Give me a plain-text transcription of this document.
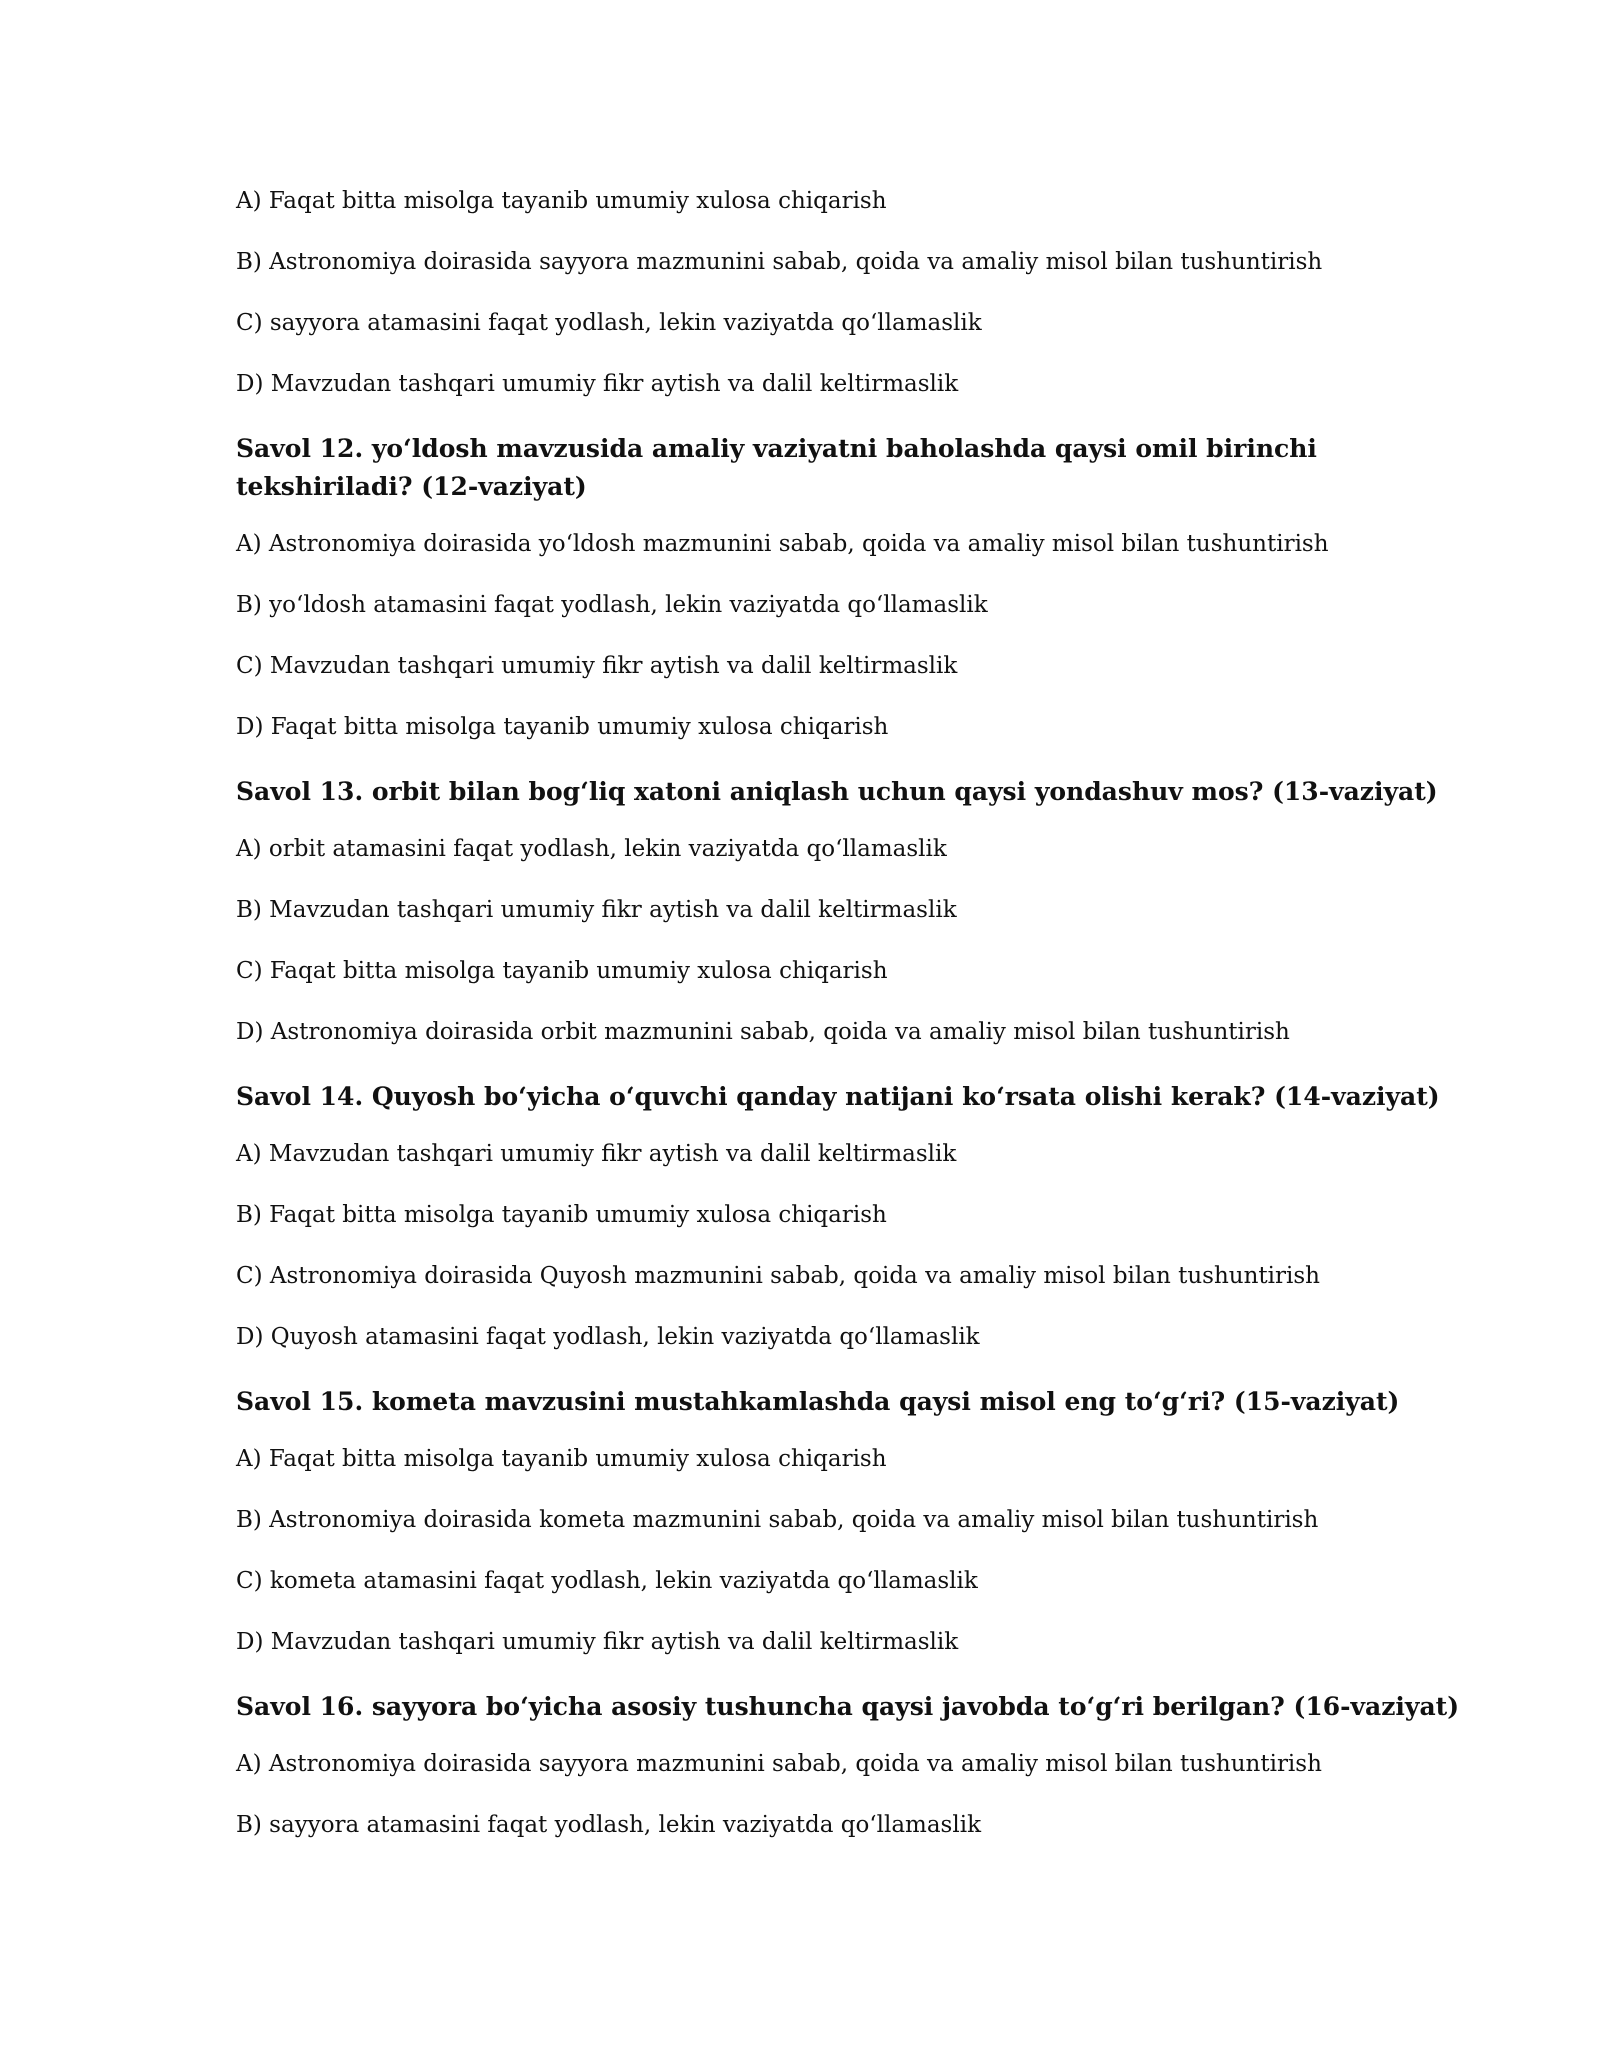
A) Faqat bitta misolga tayanib umumiy xulosa chiqarish

B) Astronomiya doirasida sayyora mazmunini sabab, qoida va amaliy misol bilan tushuntirish

C) sayyora atamasini faqat yodlash, lekin vaziyatda qo‘llamaslik

D) Mavzudan tashqari umumiy fikr aytish va dalil keltirmaslik

Savol 12. yo‘ldosh mavzusida amaliy vaziyatni baholashda qaysi omil birinchi tekshiriladi? (12-vaziyat)

A) Astronomiya doirasida yo‘ldosh mazmunini sabab, qoida va amaliy misol bilan tushuntirish

B) yo‘ldosh atamasini faqat yodlash, lekin vaziyatda qo‘llamaslik

C) Mavzudan tashqari umumiy fikr aytish va dalil keltirmaslik

D) Faqat bitta misolga tayanib umumiy xulosa chiqarish

Savol 13. orbit bilan bog‘liq xatoni aniqlash uchun qaysi yondashuv mos? (13-vaziyat)

A) orbit atamasini faqat yodlash, lekin vaziyatda qo‘llamaslik

B) Mavzudan tashqari umumiy fikr aytish va dalil keltirmaslik

C) Faqat bitta misolga tayanib umumiy xulosa chiqarish

D) Astronomiya doirasida orbit mazmunini sabab, qoida va amaliy misol bilan tushuntirish

Savol 14. Quyosh bo‘yicha o‘quvchi qanday natijani ko‘rsata olishi kerak? (14-vaziyat)

A) Mavzudan tashqari umumiy fikr aytish va dalil keltirmaslik

B) Faqat bitta misolga tayanib umumiy xulosa chiqarish

C) Astronomiya doirasida Quyosh mazmunini sabab, qoida va amaliy misol bilan tushuntirish

D) Quyosh atamasini faqat yodlash, lekin vaziyatda qo‘llamaslik

Savol 15. kometa mavzusini mustahkamlashda qaysi misol eng to‘g‘ri? (15-vaziyat)

A) Faqat bitta misolga tayanib umumiy xulosa chiqarish

B) Astronomiya doirasida kometa mazmunini sabab, qoida va amaliy misol bilan tushuntirish

C) kometa atamasini faqat yodlash, lekin vaziyatda qo‘llamaslik

D) Mavzudan tashqari umumiy fikr aytish va dalil keltirmaslik

Savol 16. sayyora bo‘yicha asosiy tushuncha qaysi javobda to‘g‘ri berilgan? (16-vaziyat)

A) Astronomiya doirasida sayyora mazmunini sabab, qoida va amaliy misol bilan tushuntirish

B) sayyora atamasini faqat yodlash, lekin vaziyatda qo‘llamaslik
